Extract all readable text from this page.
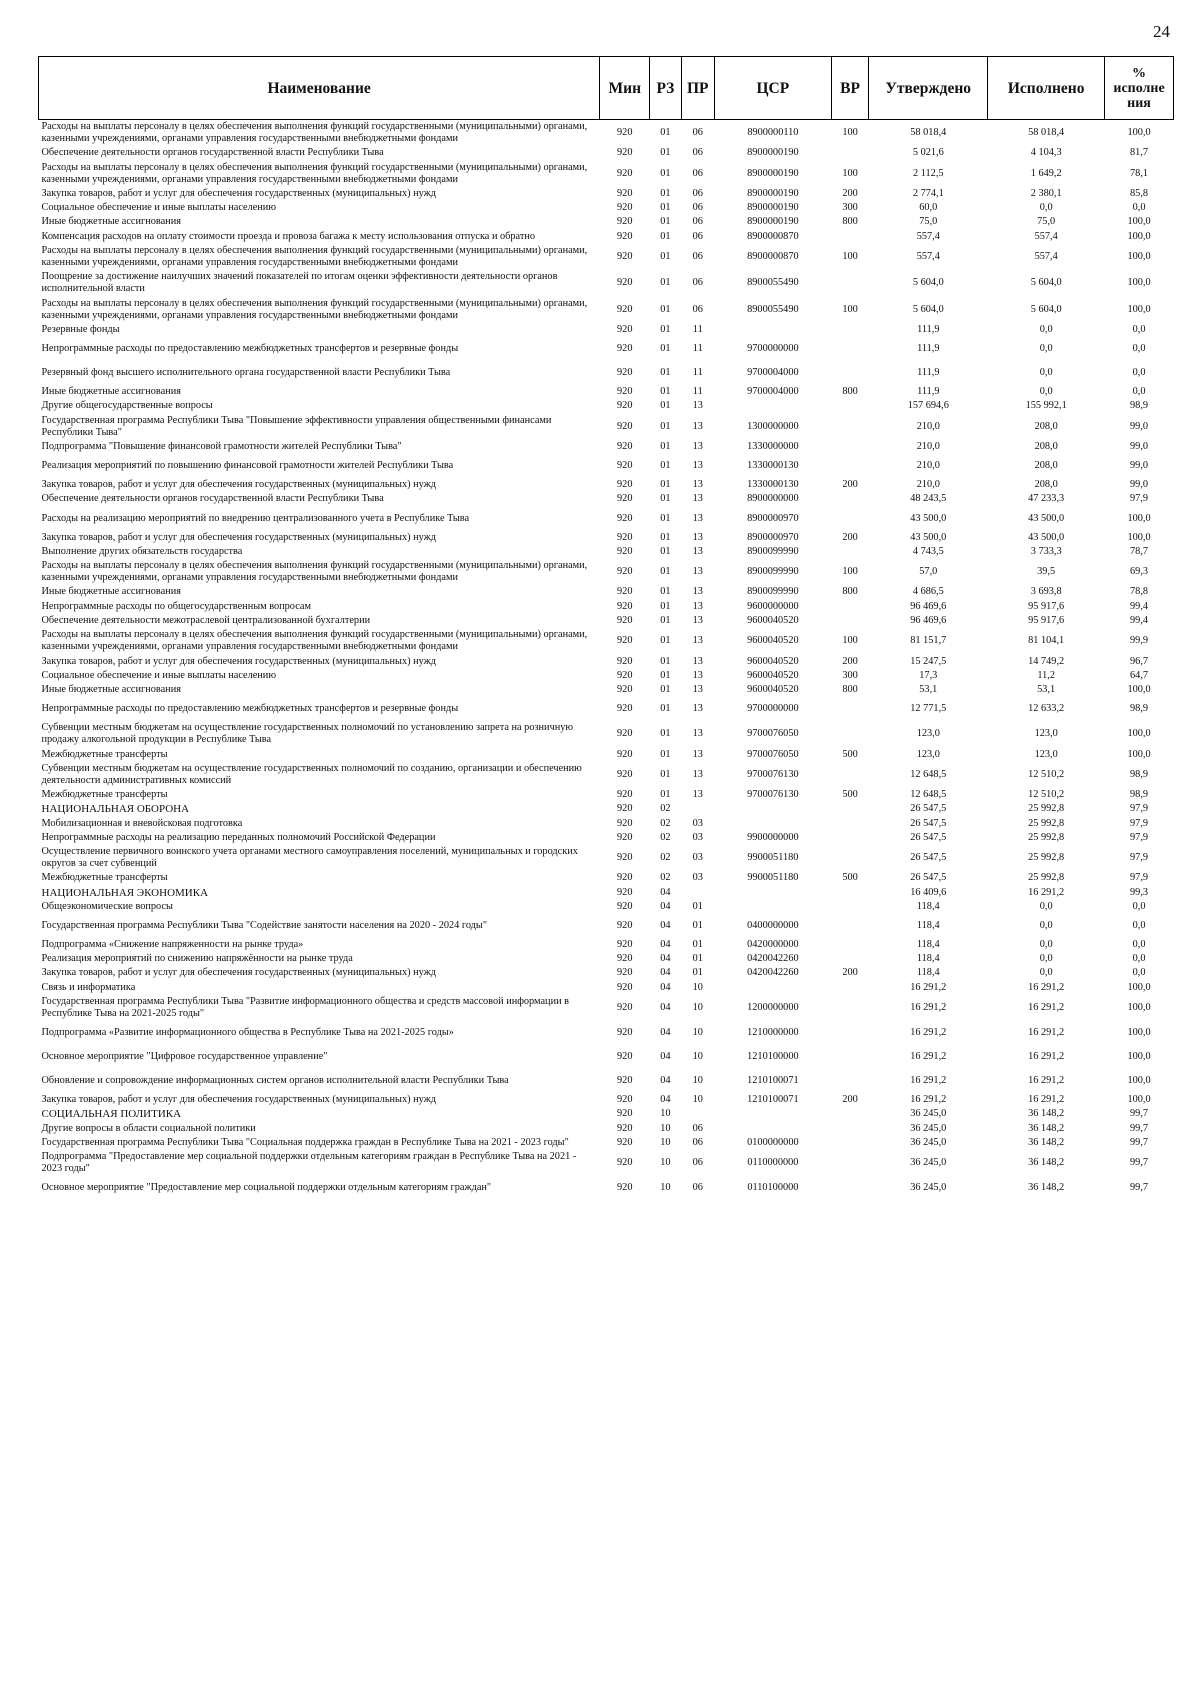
24
Наименование	Мин	РЗ	ПР	ЦСР	ВР	Утверждено	Исполнено	%
исполне
ния

Расходы на выплаты персоналу в целях обеспечения выполнения функций государственными (муниципальными) органами, казенными учреждениями, органами управления государственными внебюджетными фондами	920	01	06	8900000110	100	58 018,4	58 018,4	100,0
Обеспечение деятельности органов государственной власти Республики Тыва	920	01	06	8900000190		5 021,6	4 104,3	81,7
Расходы на выплаты персоналу в целях обеспечения выполнения функций государственными (муниципальными) органами, казенными учреждениями, органами управления государственными внебюджетными фондами	920	01	06	8900000190	100	2 112,5	1 649,2	78,1
Закупка товаров, работ и услуг для обеспечения государственных (муниципальных) нужд	920	01	06	8900000190	200	2 774,1	2 380,1	85,8
Социальное обеспечение и иные выплаты населению	920	01	06	8900000190	300	60,0	0,0	0,0
Иные бюджетные ассигнования	920	01	06	8900000190	800	75,0	75,0	100,0
Компенсация расходов на оплату стоимости проезда и провоза багажа к месту использования отпуска и обратно	920	01	06	8900000870		557,4	557,4	100,0
Расходы на выплаты персоналу в целях обеспечения выполнения функций государственными (муниципальными) органами, казенными учреждениями, органами управления государственными внебюджетными фондами	920	01	06	8900000870	100	557,4	557,4	100,0
Поощрение за достижение наилучших значений показателей по итогам оценки эффективности деятельности органов исполнительной власти	920	01	06	8900055490		5 604,0	5 604,0	100,0
Расходы на выплаты персоналу в целях обеспечения выполнения функций государственными (муниципальными) органами, казенными учреждениями, органами управления государственными внебюджетными фондами	920	01	06	8900055490	100	5 604,0	5 604,0	100,0
Резервные фонды	920	01	11			111,9	0,0	0,0
Непрограммные расходы по предоставлению межбюджетных трансфертов и резервные фонды	920	01	11	9700000000		111,9	0,0	0,0
Резервный фонд высшего исполнительного органа государственной власти Республики Тыва	920	01	11	9700004000		111,9	0,0	0,0
Иные бюджетные ассигнования	920	01	11	9700004000	800	111,9	0,0	0,0
Другие общегосударственные вопросы	920	01	13			157 694,6	155 992,1	98,9
Государственная программа Республики Тыва "Повышение эффективности управления общественными финансами Республики Тыва"	920	01	13	1300000000		210,0	208,0	99,0
Подпрограмма "Повышение финансовой грамотности жителей Республики Тыва"	920	01	13	1330000000		210,0	208,0	99,0
Реализация мероприятий по повышению финансовой грамотности жителей Республики Тыва	920	01	13	1330000130		210,0	208,0	99,0
Закупка товаров, работ и услуг для обеспечения государственных (муниципальных) нужд	920	01	13	1330000130	200	210,0	208,0	99,0
Обеспечение деятельности органов государственной власти Республики Тыва	920	01	13	8900000000		48 243,5	47 233,3	97,9
Расходы на реализацию мероприятий по внедрению централизованного учета в Республике Тыва	920	01	13	8900000970		43 500,0	43 500,0	100,0
Закупка товаров, работ и услуг для обеспечения государственных (муниципальных) нужд	920	01	13	8900000970	200	43 500,0	43 500,0	100,0
Выполнение других обязательств государства	920	01	13	8900099990		4 743,5	3 733,3	78,7
Расходы на выплаты персоналу в целях обеспечения выполнения функций государственными (муниципальными) органами, казенными учреждениями, органами управления государственными внебюджетными фондами	920	01	13	8900099990	100	57,0	39,5	69,3
Иные бюджетные ассигнования	920	01	13	8900099990	800	4 686,5	3 693,8	78,8
Непрограммные расходы по общегосударственным вопросам	920	01	13	9600000000		96 469,6	95 917,6	99,4
Обеспечение деятельности межотраслевой централизованной бухгалтерии	920	01	13	9600040520		96 469,6	95 917,6	99,4
Расходы на выплаты персоналу в целях обеспечения выполнения функций государственными (муниципальными) органами, казенными учреждениями, органами управления государственными внебюджетными фондами	920	01	13	9600040520	100	81 151,7	81 104,1	99,9
Закупка товаров, работ и услуг для обеспечения государственных (муниципальных) нужд	920	01	13	9600040520	200	15 247,5	14 749,2	96,7
Социальное обеспечение и иные выплаты населению	920	01	13	9600040520	300	17,3	11,2	64,7
Иные бюджетные ассигнования	920	01	13	9600040520	800	53,1	53,1	100,0
Непрограммные расходы по предоставлению межбюджетных трансфертов и резервные фонды	920	01	13	9700000000		12 771,5	12 633,2	98,9
Субвенции местным бюджетам на осуществление государственных полномочий по установлению запрета на розничную продажу алкогольной продукции в Республике Тыва	920	01	13	9700076050		123,0	123,0	100,0
Межбюджетные трансферты	920	01	13	9700076050	500	123,0	123,0	100,0
Субвенции местным бюджетам на осуществление государственных полномочий по созданию, организации и обеспечению деятельности административных комиссий	920	01	13	9700076130		12 648,5	12 510,2	98,9
Межбюджетные трансферты	920	01	13	9700076130	500	12 648,5	12 510,2	98,9
НАЦИОНАЛЬНАЯ ОБОРОНА	920	02				26 547,5	25 992,8	97,9
Мобилизационная и вневойсковая подготовка	920	02	03			26 547,5	25 992,8	97,9
Непрограммные расходы на реализацию переданных полномочий Российской Федерации	920	02	03	9900000000		26 547,5	25 992,8	97,9
Осуществление первичного воинского учета органами местного самоуправления поселений, муниципальных и городских округов за счет субвенций	920	02	03	9900051180		26 547,5	25 992,8	97,9
Межбюджетные трансферты	920	02	03	9900051180	500	26 547,5	25 992,8	97,9
НАЦИОНАЛЬНАЯ ЭКОНОМИКА	920	04				16 409,6	16 291,2	99,3
Общеэкономические вопросы	920	04	01			118,4	0,0	0,0
Государственная программа Республики Тыва "Содействие занятости населения на 2020 - 2024 годы"	920	04	01	0400000000		118,4	0,0	0,0
Подпрограмма «Снижение напряженности на рынке труда»	920	04	01	0420000000		118,4	0,0	0,0
Реализация мероприятий по снижению напряжённости на рынке труда	920	04	01	0420042260		118,4	0,0	0,0
Закупка товаров, работ и услуг для обеспечения государственных (муниципальных) нужд	920	04	01	0420042260	200	118,4	0,0	0,0
Связь и информатика	920	04	10			16 291,2	16 291,2	100,0
Государственная программа Республики Тыва "Развитие информационного общества и средств массовой информации в Республике Тыва на 2021-2025 годы"	920	04	10	1200000000		16 291,2	16 291,2	100,0
Подпрограмма «Развитие информационного общества в Республике Тыва на 2021-2025 годы»	920	04	10	1210000000		16 291,2	16 291,2	100,0
Основное мероприятие "Цифровое государственное управление"	920	04	10	1210100000		16 291,2	16 291,2	100,0
Обновление и сопровождение информационных систем органов исполнительной власти Республики Тыва	920	04	10	1210100071		16 291,2	16 291,2	100,0
Закупка товаров, работ и услуг для обеспечения государственных (муниципальных) нужд	920	04	10	1210100071	200	16 291,2	16 291,2	100,0
СОЦИАЛЬНАЯ ПОЛИТИКА	920	10				36 245,0	36 148,2	99,7
Другие вопросы в области социальной политики	920	10	06			36 245,0	36 148,2	99,7
Государственная программа Республики Тыва "Социальная поддержка граждан в Республике Тыва на 2021 - 2023 годы"	920	10	06	0100000000		36 245,0	36 148,2	99,7
Подпрограмма "Предоставление мер социальной поддержки отдельным категориям граждан в Республике Тыва на 2021 - 2023 годы"	920	10	06	0110000000		36 245,0	36 148,2	99,7
Основное мероприятие "Предоставление мер социальной поддержки отдельным категориям граждан"	920	10	06	0110100000		36 245,0	36 148,2	99,7
